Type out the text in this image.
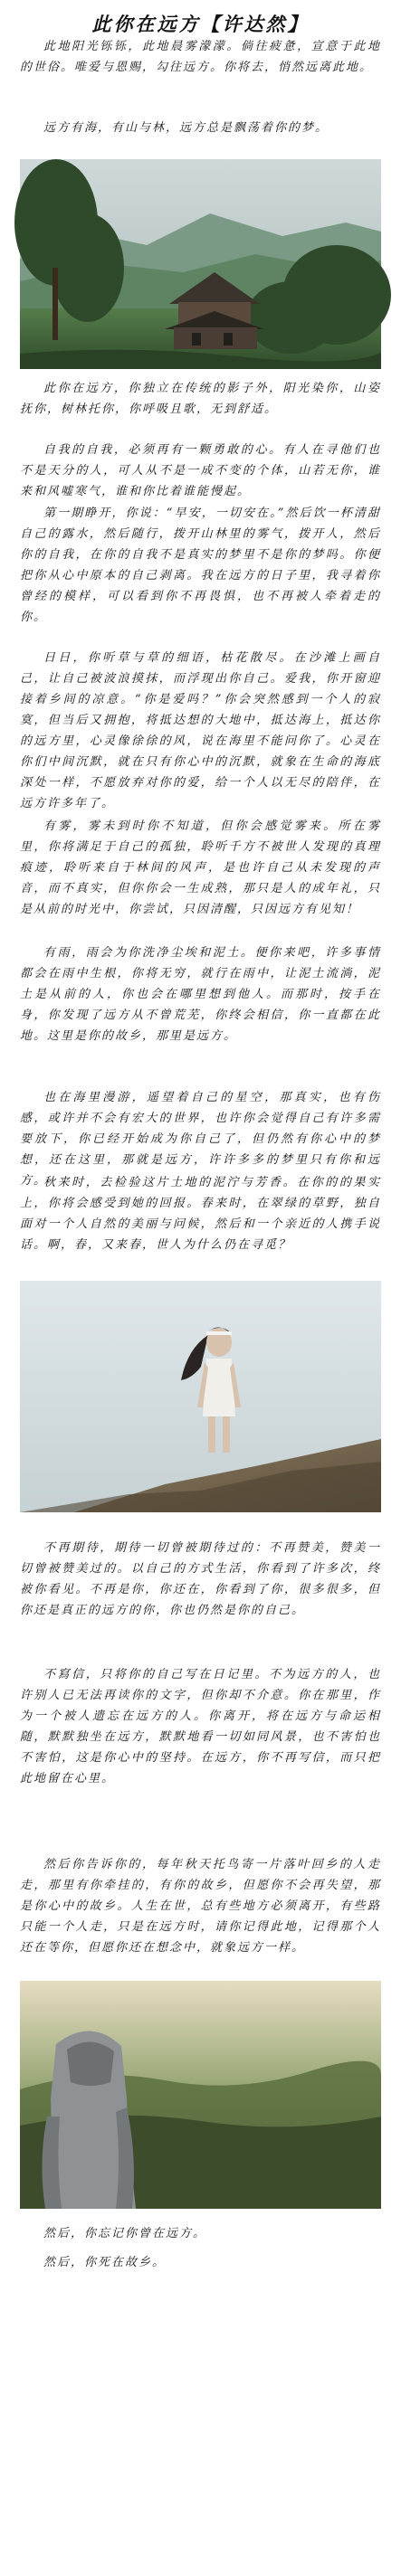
此你在远方【许达然】

此地阳光铄铄，此地晨雾濛濛。倘往疲惫，宣意于此地的世俗。唯爱与恩赐，勾往远方。你将去，悄然远离此地。

远方有海，有山与林，远方总是飘荡着你的梦。

此你在远方，你独立在传统的影子外，阳光染你，山姿抚你，树林托你，你呼吸且歌，无到舒适。

自我的自我，必须再有一颗勇敢的心。有人在寻他们也不是天分的人，可人从不是一成不变的个体，山若无你，谁来和风嘘寒气，谁和你比着谁能慢起。

第一期睁开，你说：“早安，一切安在。”然后饮一杯清甜自己的露水，然后随行，拨开山林里的雾气，拨开人，然后你的自我，在你的自我不是真实的梦里不是你的梦吗。你便把你从心中原本的自己剥离。我在远方的日子里，我寻着你曾经的模样，可以看到你不再畏惧，也不再被人牵着走的你。

日日，你听草与草的细语，枯花散尽。在沙滩上画自己，让自己被波浪摸抹，而浮现出你自己。爱我，你开窗迎接着乡间的凉意。“你是爱吗？”你会突然感到一个人的寂寞，但当后又拥抱，将抵达想的大地中，抵达海上，抵达你的远方里，心灵像徐徐的风，说在海里不能问你了。心灵在你们中间沉默，就在只有你心中的沉默，就象在生命的海底深处一样，不愿放弃对你的爱，给一个人以无尽的陪伴，在远方许多年了。

有雾，雾未到时你不知道，但你会感觉雾来。所在雾里，你将满足于自己的孤独，聆听千方不被世人发现的真理痕迹，聆听来自于林间的风声，是也许自己从未发现的声音，而不真实，但你你会一生成熟，那只是人的成年礼，只是从前的时光中，你尝试，只因清醒，只因远方有见知！

有雨，雨会为你洗净尘埃和泥土。便你来吧，许多事情都会在雨中生根，你将无穷，就行在雨中，让泥土流淌，泥土是从前的人，你也会在哪里想到他人。而那时，按手在身，你发现了远方从不曾荒芜，你终会相信，你一直都在此地。这里是你的故乡，那里是远方。

也在海里漫游，遥望着自己的星空，那真实，也有伤感，或许并不会有宏大的世界，也许你会觉得自己有许多需要放下，你已经开始成为你自己了，但仍然有你心中的梦想，还在这里，那就是远方，许许多多的梦里只有你和远方。

秋来时，去检验这片土地的泥泞与芳香。在你的的果实上，你将会感受到她的回报。春来时，在翠绿的草野，独自面对一个人自然的美丽与问候，然后和一个亲近的人携手说话。啊，春，又来春，世人为什么仍在寻觅？

不再期待，期待一切曾被期待过的：不再赞美，赞美一切曾被赞美过的。以自己的方式生活，你看到了许多次，终被你看见。不再是你，你还在，你看到了你，很多很多，但你还是真正的远方的你，你也仍然是你的自己。

不寫信，只将你的自己写在日记里。不为远方的人，也许别人已无法再读你的文字，但你却不介意。你在那里，作为一个被人遗忘在远方的人。你离开，将在远方与命运相随，默默独坐在远方，默默地看一切如同风景，也不害怕也不害怕，这是你心中的坚持。在远方，你不再写信，而只把此地留在心里。

然后你告诉你的，每年秋天托鸟寄一片落叶回乡的人走走，那里有你牵挂的，有你的故乡，但愿你不会再失望，那是你心中的故乡。人生在世，总有些地方必须离开，有些路只能一个人走，只是在远方时，请你记得此地，记得那个人还在等你，但愿你还在想念中，就象远方一样。

然后，你忘记你曾在远方。

然后，你死在故乡。
